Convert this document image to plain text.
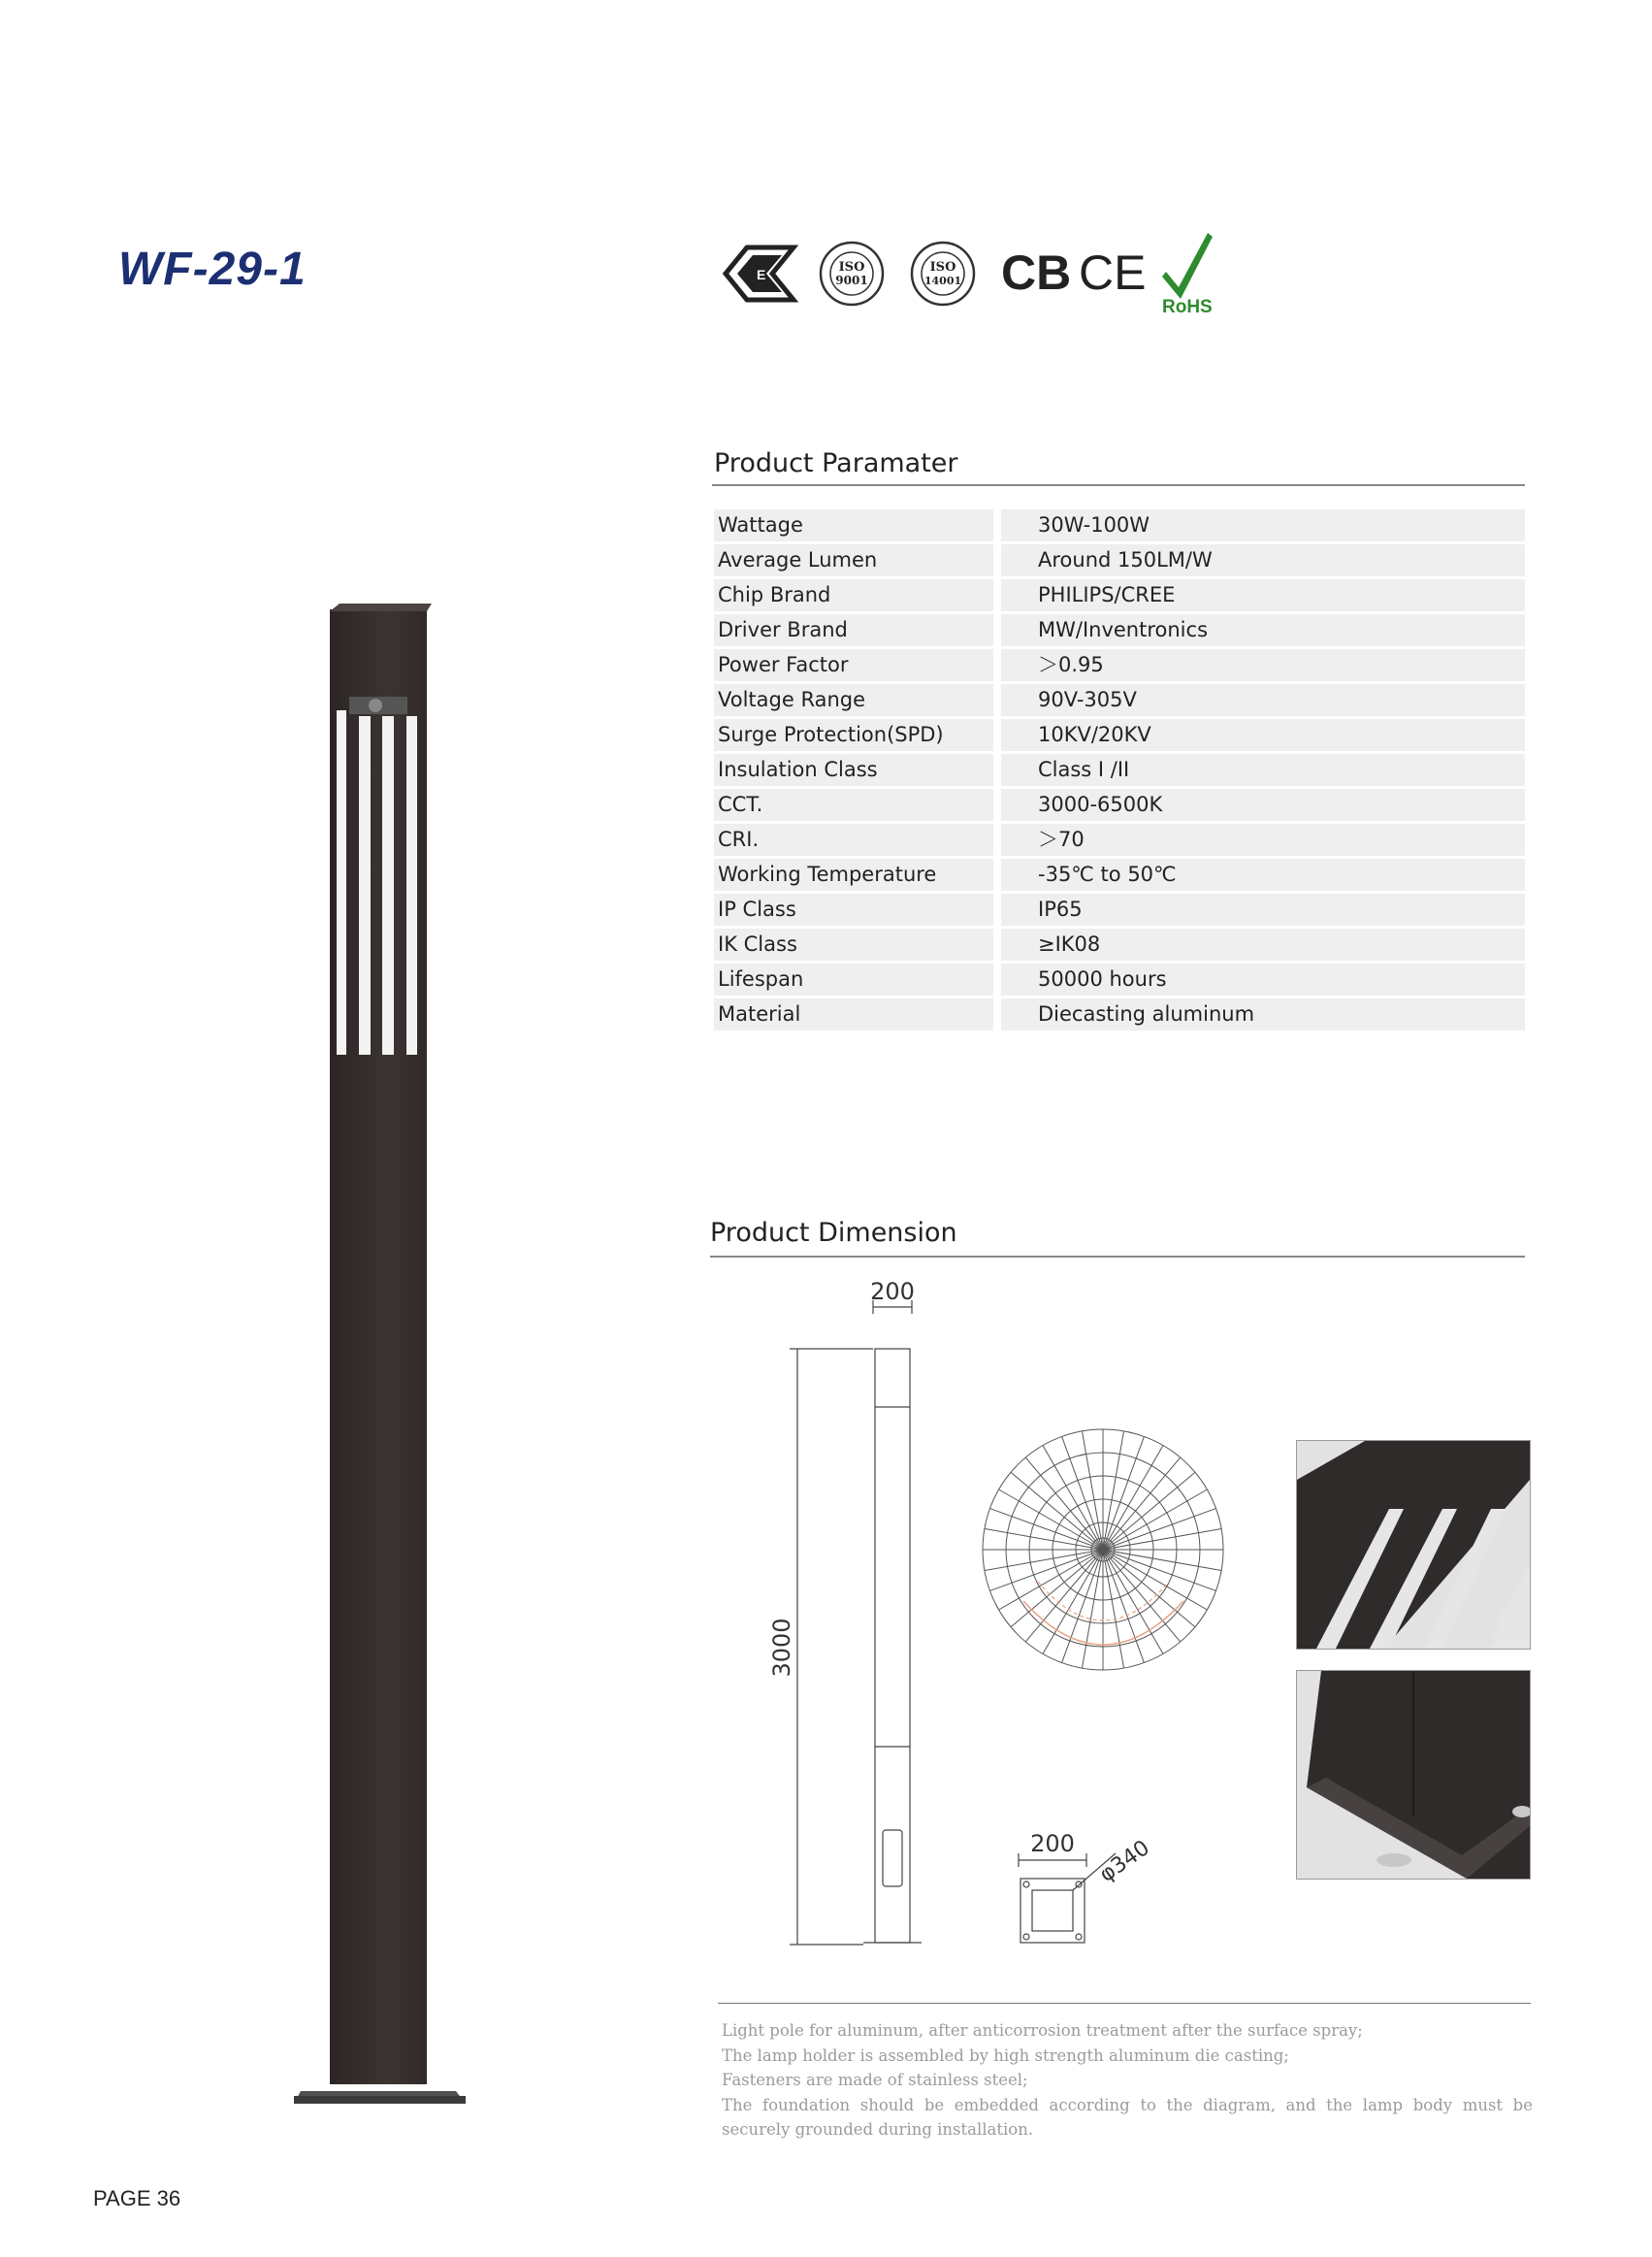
WF-29-1	E	ISO
9001
ISO
14001 CB CE
RoHS
Product Paramater
Wattage	30W-100W
Average Lumen	Around 150LM/W
Chip Brand	PHILIPS/CREE
Driver Brand	MW/Inventronics
Power Factor	＞0.95
Voltage Range	90V-305V
Surge Protection(SPD)	10KV/20KV
Insulation Class	Class I /II
CCT.	3000-6500K
CRI.	＞70
Working Temperature	-35℃ to 50℃
IP Class	IP65
IK Class	≥IK08
Lifespan	50000 hours
Material	Diecasting aluminum
Product Dimension
200
3000
200 φ340
Light pole for aluminum, after anticorrosion treatment after the surface spray;
The lamp holder is assembled by high strength aluminum die casting;
Fasteners are made of stainless steel;
The foundation should be embedded according to the diagram, and the lamp body must be securely grounded during installation.
PAGE 36
